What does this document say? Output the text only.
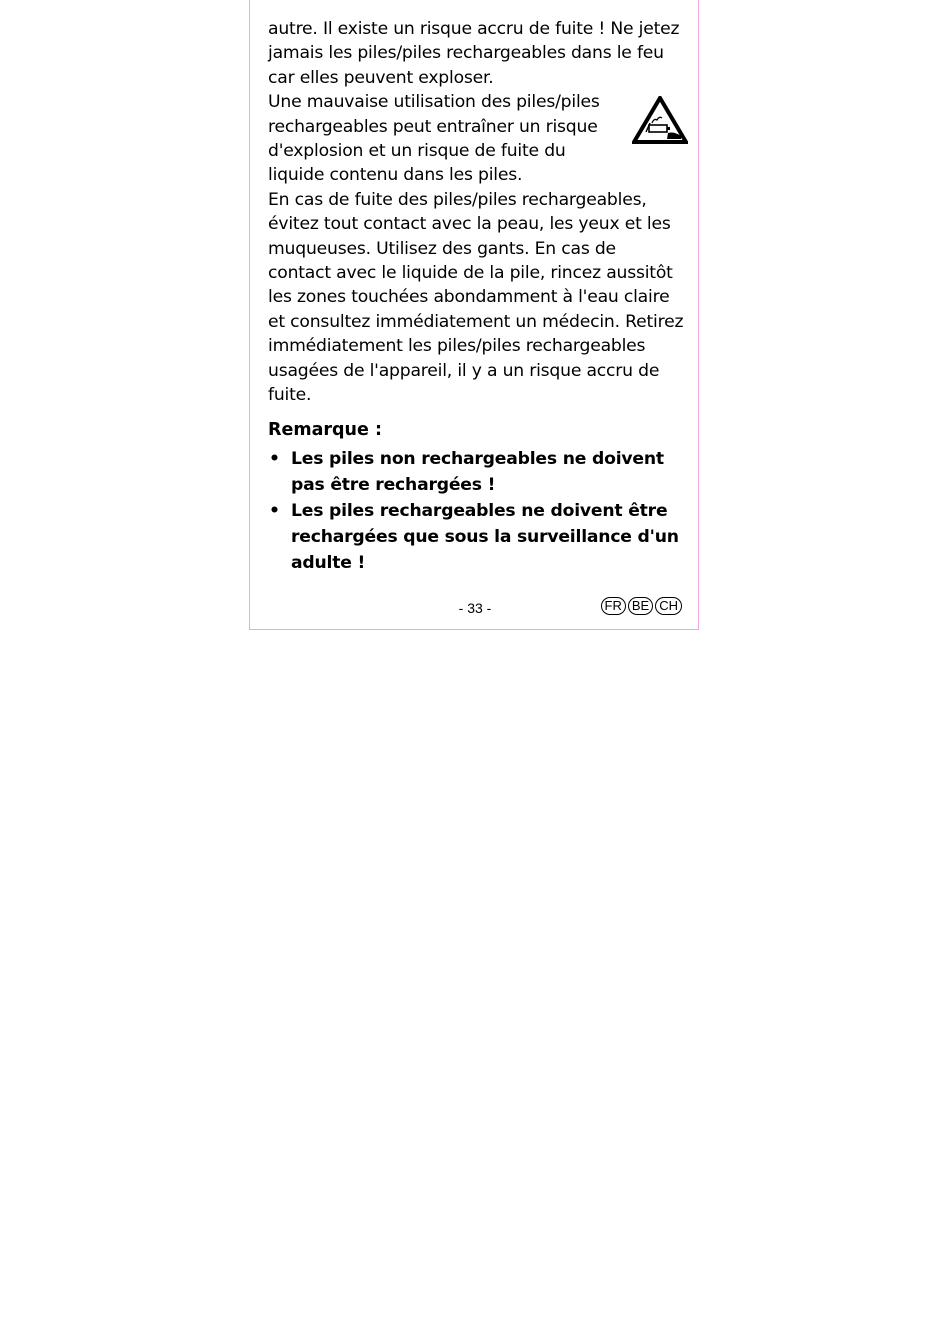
autre. Il existe un risque accru de fuite ! Ne jetez jamais les piles/piles rechargeables dans le feu car elles peuvent exploser.

Une mauvaise utilisation des piles/piles rechargeables peut entraîner un risque d'explosion et un risque de fuite du liquide contenu dans les piles.

En cas de fuite des piles/piles rechargeables, évitez tout contact avec la peau, les yeux et les muqueuses. Utilisez des gants. En cas de contact avec le liquide de la pile, rincez aussitôt les zones touchées abondamment à l'eau claire et consultez immédiatement un médecin. Retirez immédiatement les piles/piles rechargeables usagées de l'appareil, il y a un risque accru de fuite.

Remarque :
• Les piles non rechargeables ne doivent pas être rechargées !
• Les piles rechargeables ne doivent être rechargées que sous la surveillance d'un adulte !
- 33 -	FR BE CH
